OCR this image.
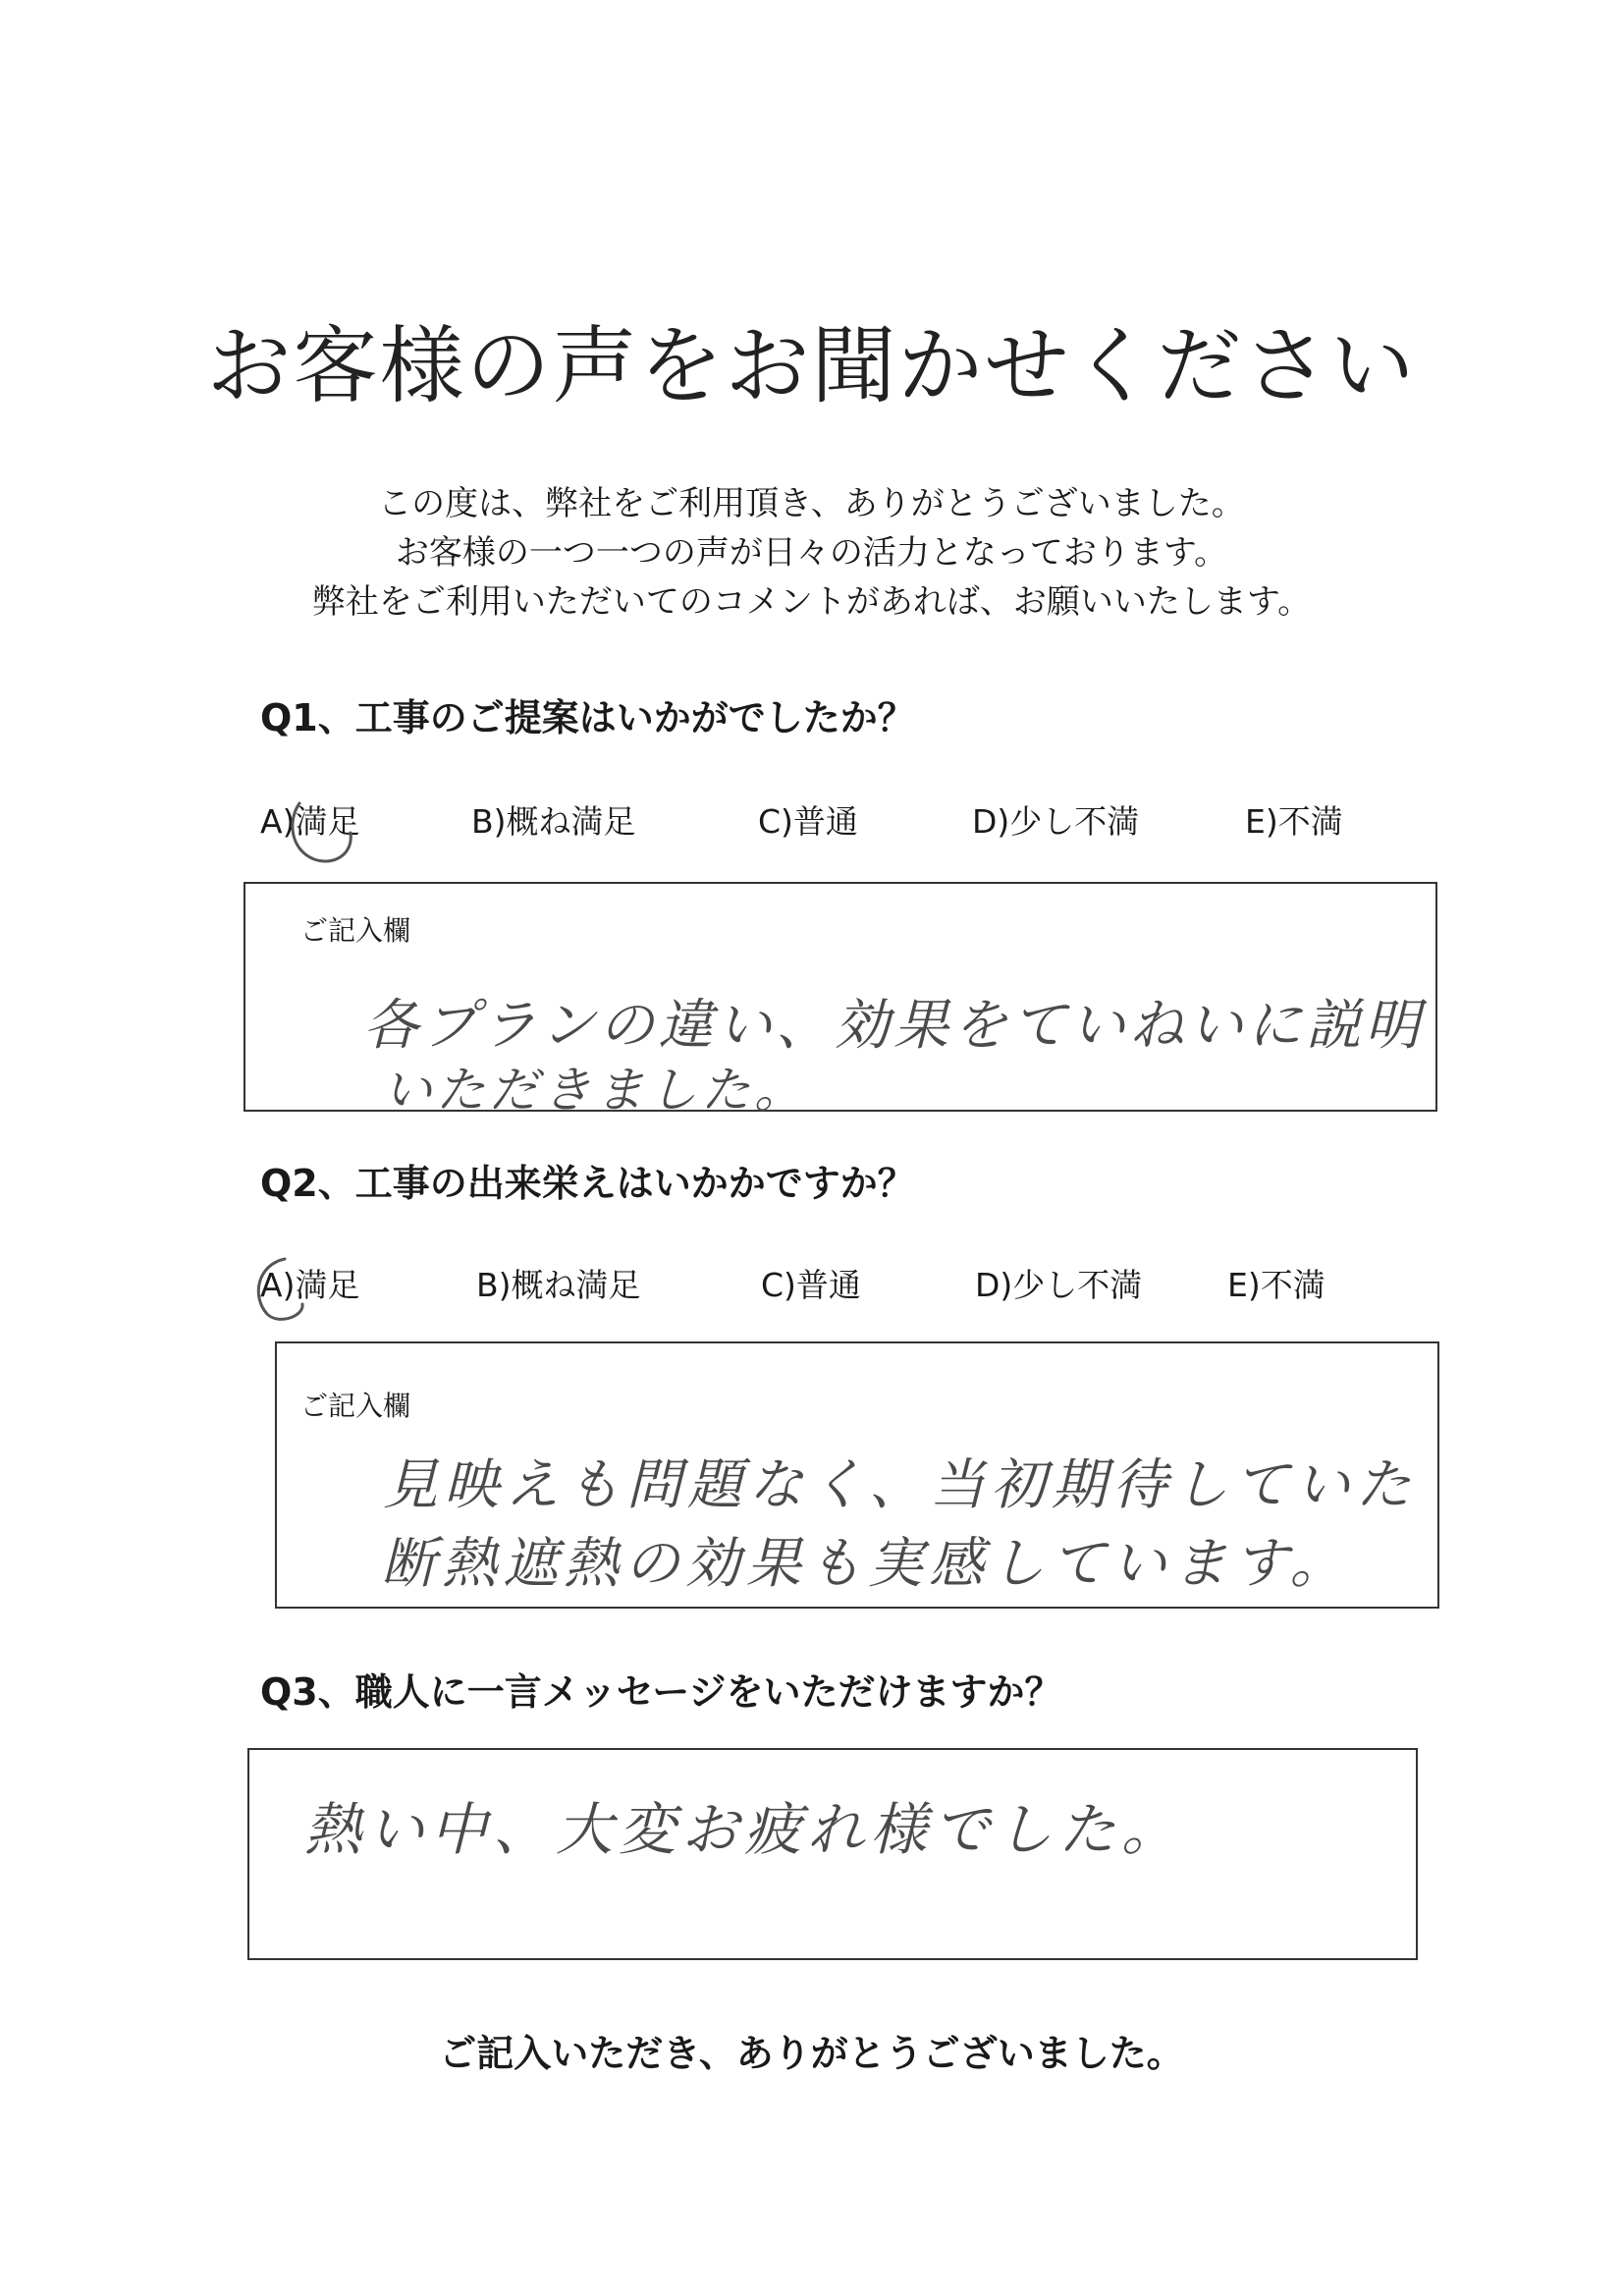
お客様の声をお聞かせください
この度は、弊社をご利用頂き、ありがとうございました。
お客様の一つ一つの声が日々の活力となっております。
弊社をご利用いただいてのコメントがあれば、お願いいたします。
Q1、工事のご提案はいかがでしたか？
A)満足	B)概ね満足	C)普通	D)少し不満	E)不満
ご記入欄
各プランの違い、効果をていねいに説明
いただきました。
Q2、工事の出来栄えはいかかですか？
A)満足	B)概ね満足	C)普通	D)少し不満	E)不満
ご記入欄
見映えも問題なく、当初期待していた
断熱遮熱の効果も実感しています。
Q3、職人に一言メッセージをいただけますか？
熱い中、大変お疲れ様でした。
ご記入いただき、ありがとうございました。
